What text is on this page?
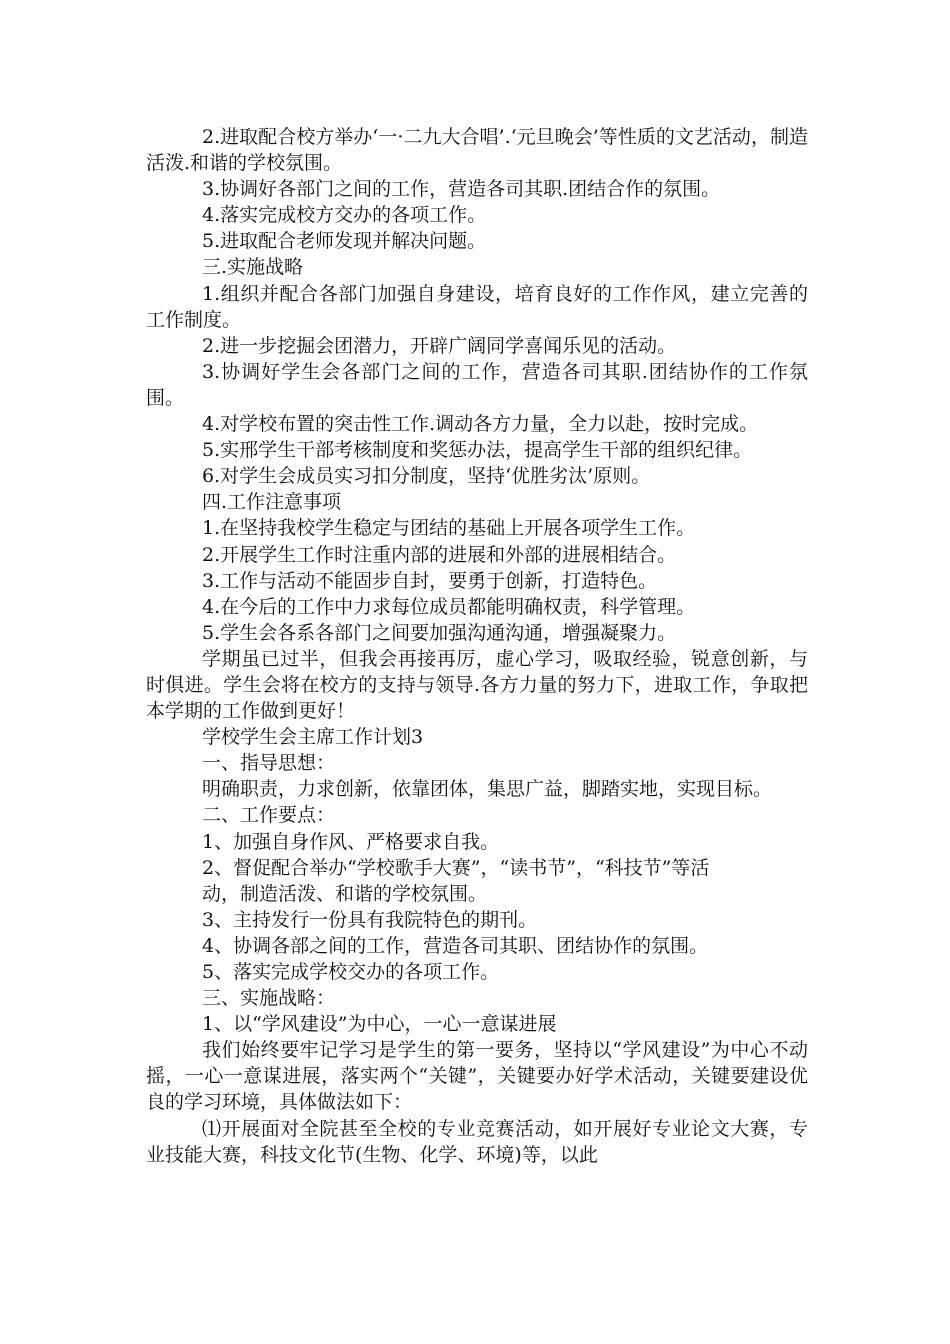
2.进取配合校方举办‘一·二九大合唱’.‘元旦晚会’等性质的文艺活动，制造活泼.和谐的学校氛围。

3.协调好各部门之间的工作，营造各司其职.团结合作的氛围。

4.落实完成校方交办的各项工作。

5.进取配合老师发现并解决问题。

三.实施战略

1.组织并配合各部门加强自身建设，培育良好的工作作风，建立完善的工作制度。

2.进一步挖掘会团潜力，开辟广阔同学喜闻乐见的活动。

3.协调好学生会各部门之间的工作，营造各司其职.团结协作的工作氛围。

4.对学校布置的突击性工作.调动各方力量，全力以赴，按时完成。

5.实邢学生干部考核制度和奖惩办法，提高学生干部的组织纪律。

6.对学生会成员实习扣分制度，坚持‘优胜劣汰’原则。

四.工作注意事项

1.在坚持我校学生稳定与团结的基础上开展各项学生工作。

2.开展学生工作时注重内部的进展和外部的进展相结合。

3.工作与活动不能固步自封，要勇于创新，打造特色。

4.在今后的工作中力求每位成员都能明确权责，科学管理。

5.学生会各系各部门之间要加强沟通沟通，增强凝聚力。

学期虽已过半，但我会再接再厉，虚心学习，吸取经验，锐意创新，与时俱进。学生会将在校方的支持与领导.各方力量的努力下，进取工作，争取把本学期的工作做到更好！

学校学生会主席工作计划3

一、指导思想：

明确职责，力求创新，依靠团体，集思广益，脚踏实地，实现目标。

二、工作要点：

1、加强自身作风、严格要求自我。

2、督促配合举办“学校歌手大赛”，“读书节”，“科技节”等活

动，制造活泼、和谐的学校氛围。

3、主持发行一份具有我院特色的期刊。

4、协调各部之间的工作，营造各司其职、团结协作的氛围。

5、落实完成学校交办的各项工作。

三、实施战略：

1、以“学风建设”为中心，一心一意谋进展

我们始终要牢记学习是学生的第一要务，坚持以“学风建设”为中心不动摇，一心一意谋进展，落实两个“关键”，关键要办好学术活动，关键要建设优良的学习环境，具体做法如下：

⑴开展面对全院甚至全校的专业竞赛活动，如开展好专业论文大赛，专业技能大赛，科技文化节(生物、化学、环境)等，以此
